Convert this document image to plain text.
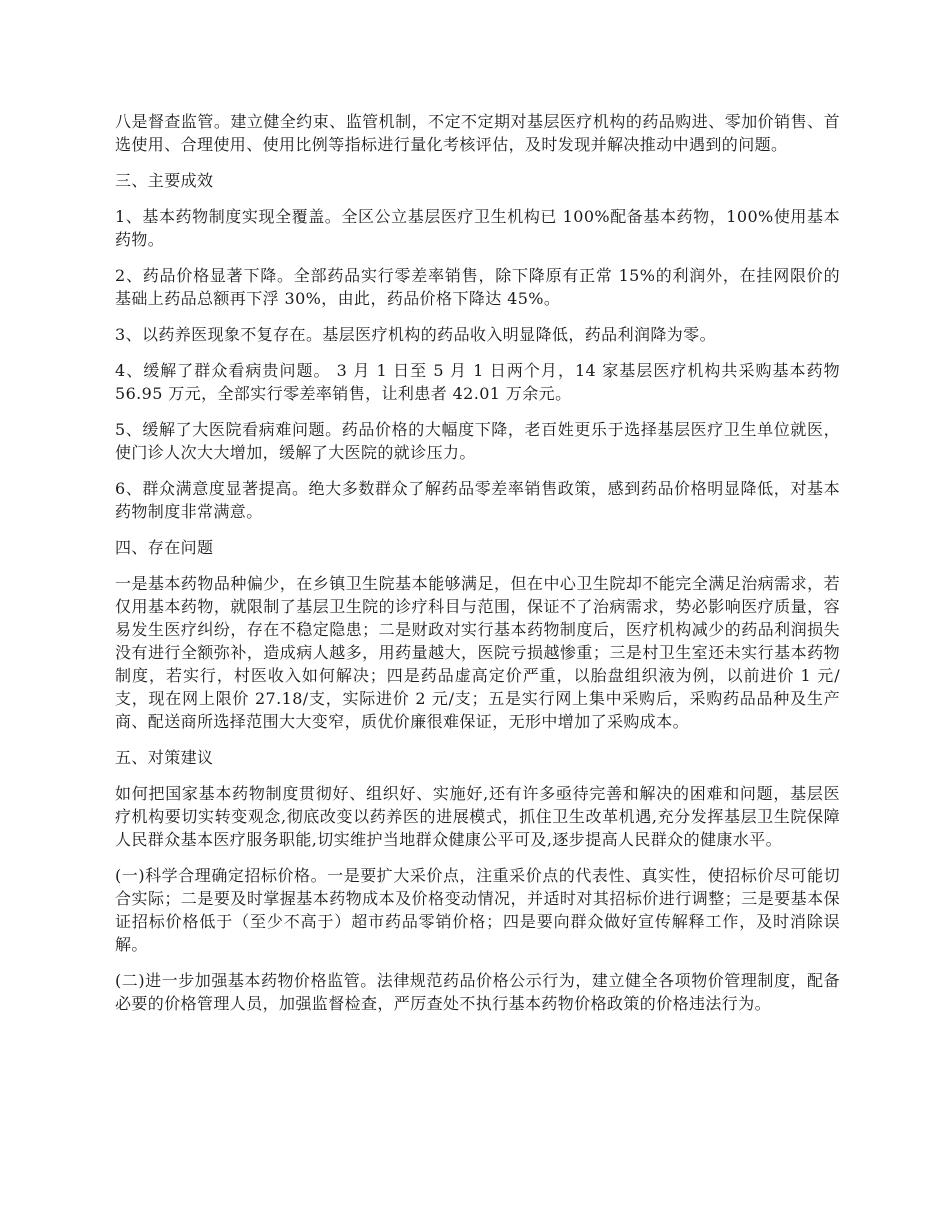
八是督查监管。建立健全约束、监管机制，不定不定期对基层医疗机构的药品购进、零加价销售、首选使用、合理使用、使用比例等指标进行量化考核评估，及时发现并解决推动中遇到的问题。

三、主要成效

1、基本药物制度实现全覆盖。全区公立基层医疗卫生机构已 100%配备基本药物，100%使用基本药物。

2、药品价格显著下降。全部药品实行零差率销售，除下降原有正常 15%的利润外，在挂网限价的基础上药品总额再下浮 30%，由此，药品价格下降达 45%。

3、以药养医现象不复存在。基层医疗机构的药品收入明显降低，药品利润降为零。

4、缓解了群众看病贵问题。 3 月 1 日至 5 月 1 日两个月，14 家基层医疗机构共采购基本药物 56.95 万元，全部实行零差率销售，让利患者 42.01 万余元。

5、缓解了大医院看病难问题。药品价格的大幅度下降，老百姓更乐于选择基层医疗卫生单位就医，使门诊人次大大增加，缓解了大医院的就诊压力。

6、群众满意度显著提高。绝大多数群众了解药品零差率销售政策，感到药品价格明显降低，对基本药物制度非常满意。

四、存在问题

一是基本药物品种偏少，在乡镇卫生院基本能够满足，但在中心卫生院却不能完全满足治病需求，若仅用基本药物，就限制了基层卫生院的诊疗科目与范围，保证不了治病需求，势必影响医疗质量，容易发生医疗纠纷，存在不稳定隐患；二是财政对实行基本药物制度后，医疗机构减少的药品利润损失没有进行全额弥补，造成病人越多，用药量越大，医院亏损越惨重；三是村卫生室还未实行基本药物制度，若实行，村医收入如何解决；四是药品虚高定价严重，以胎盘组织液为例，以前进价 1 元/支，现在网上限价 27.18/支，实际进价 2 元/支；五是实行网上集中采购后，采购药品品种及生产商、配送商所选择范围大大变窄，质优价廉很难保证，无形中增加了采购成本。

五、对策建议

如何把国家基本药物制度贯彻好、组织好、实施好,还有许多亟待完善和解决的困难和问题，基层医疗机构要切实转变观念,彻底改变以药养医的进展模式，抓住卫生改革机遇,充分发挥基层卫生院保障人民群众基本医疗服务职能,切实维护当地群众健康公平可及,逐步提高人民群众的健康水平。

(一)科学合理确定招标价格。一是要扩大采价点，注重采价点的代表性、真实性，使招标价尽可能切合实际；二是要及时掌握基本药物成本及价格变动情况，并适时对其招标价进行调整；三是要基本保证招标价格低于（至少不高于）超市药品零销价格；四是要向群众做好宣传解释工作，及时消除误解。

(二)进一步加强基本药物价格监管。法律规范药品价格公示行为，建立健全各项物价管理制度，配备必要的价格管理人员，加强监督检查，严厉查处不执行基本药物价格政策的价格违法行为。
